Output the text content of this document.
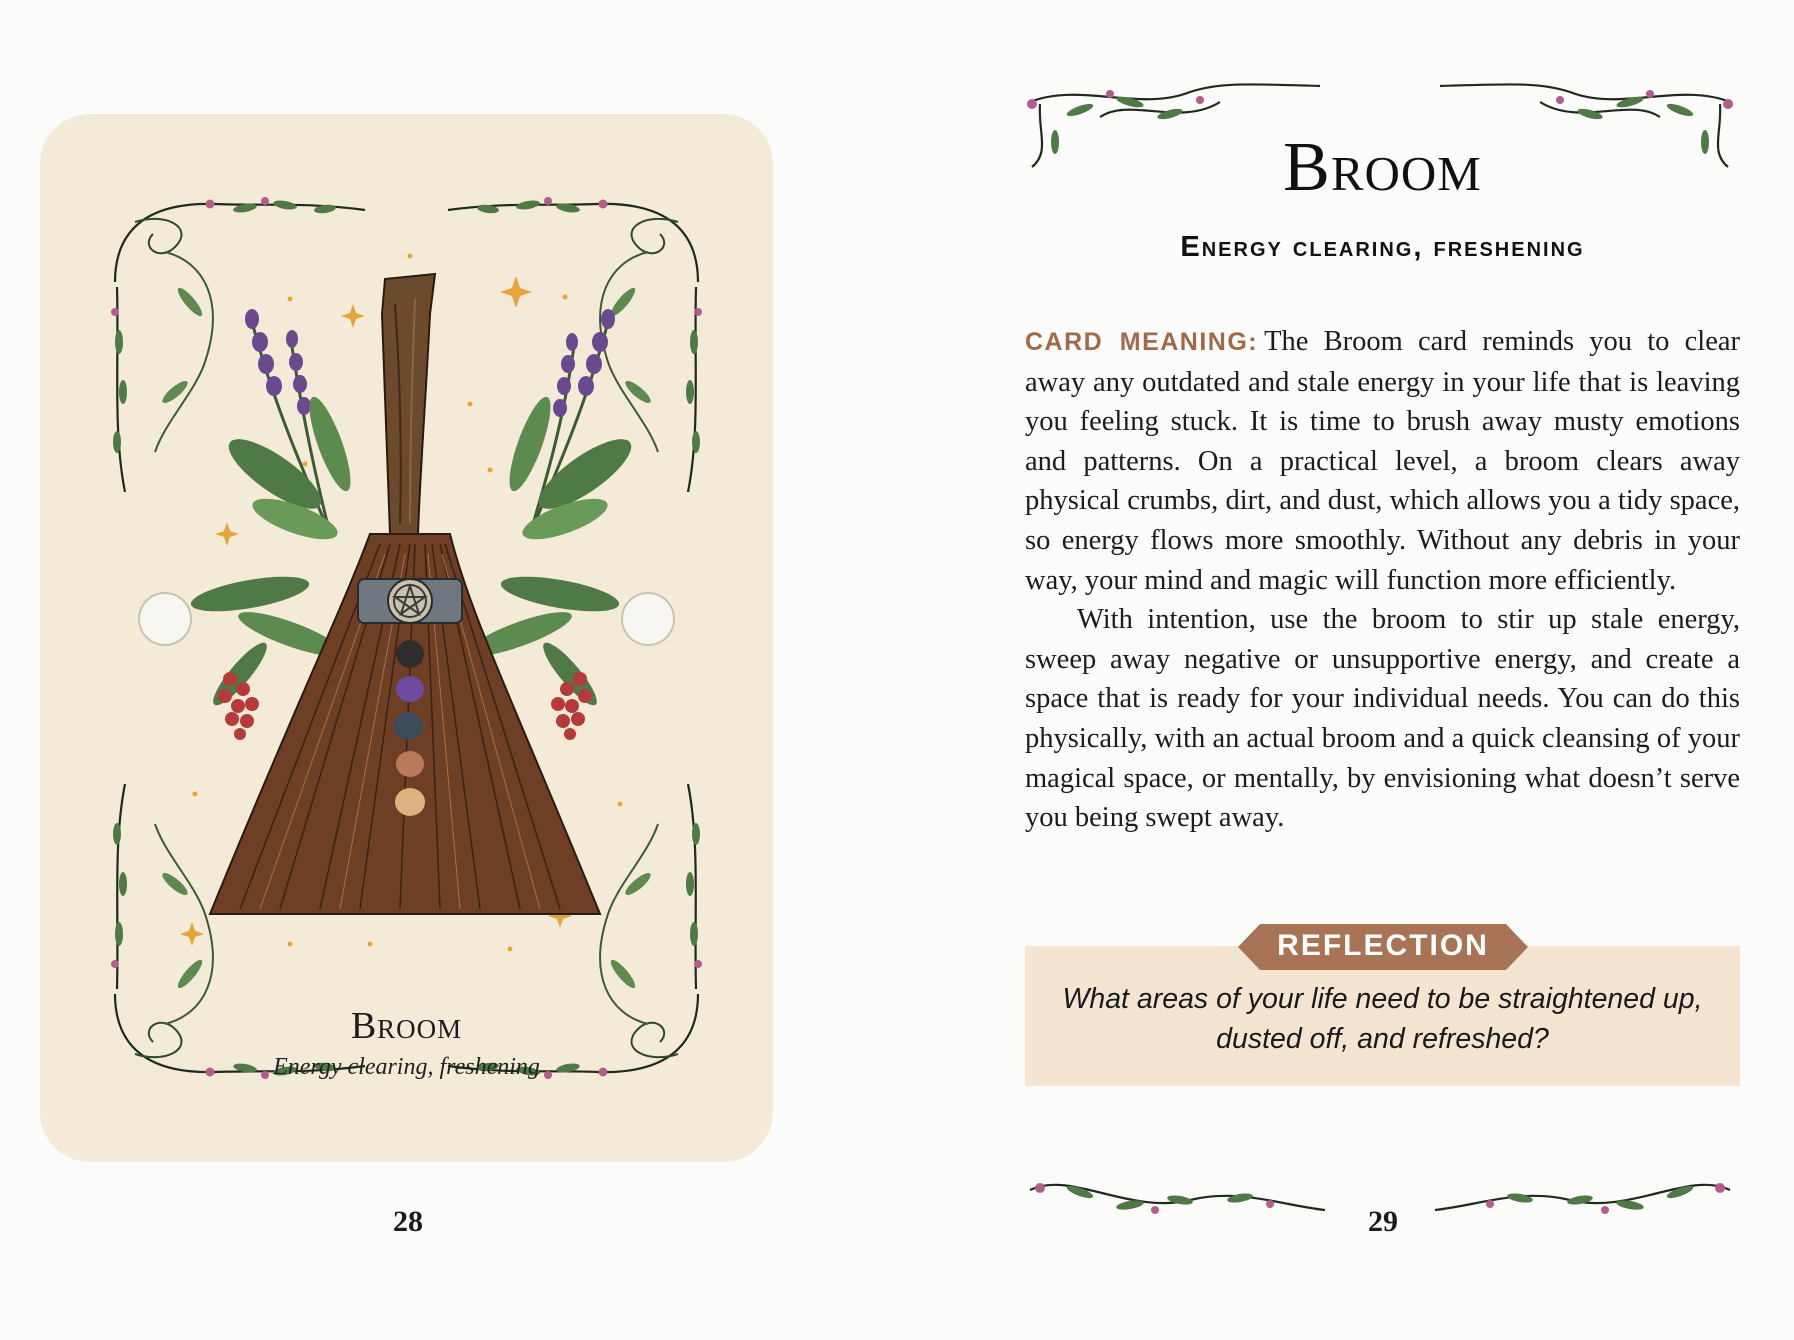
Broom
Energy clearing, freshening
28
Broom
Energy clearing, freshening

CARD MEANING: The Broom card reminds you to clear away any outdated and stale energy in your life that is leaving you feeling stuck. It is time to brush away musty emotions and patterns. On a practical level, a broom clears away physical crumbs, dirt, and dust, which allows you a tidy space, so energy flows more smoothly. Without any debris in your way, your mind and magic will function more efficiently.

With intention, use the broom to stir up stale energy, sweep away negative or unsupportive energy, and create a space that is ready for your individual needs. You can do this physically, with an actual broom and a quick cleansing of your magical space, or mentally, by envisioning what doesn’t serve you being swept away.

REFLECTION
What areas of your life need to be straightened up, dusted off, and refreshed?
29
